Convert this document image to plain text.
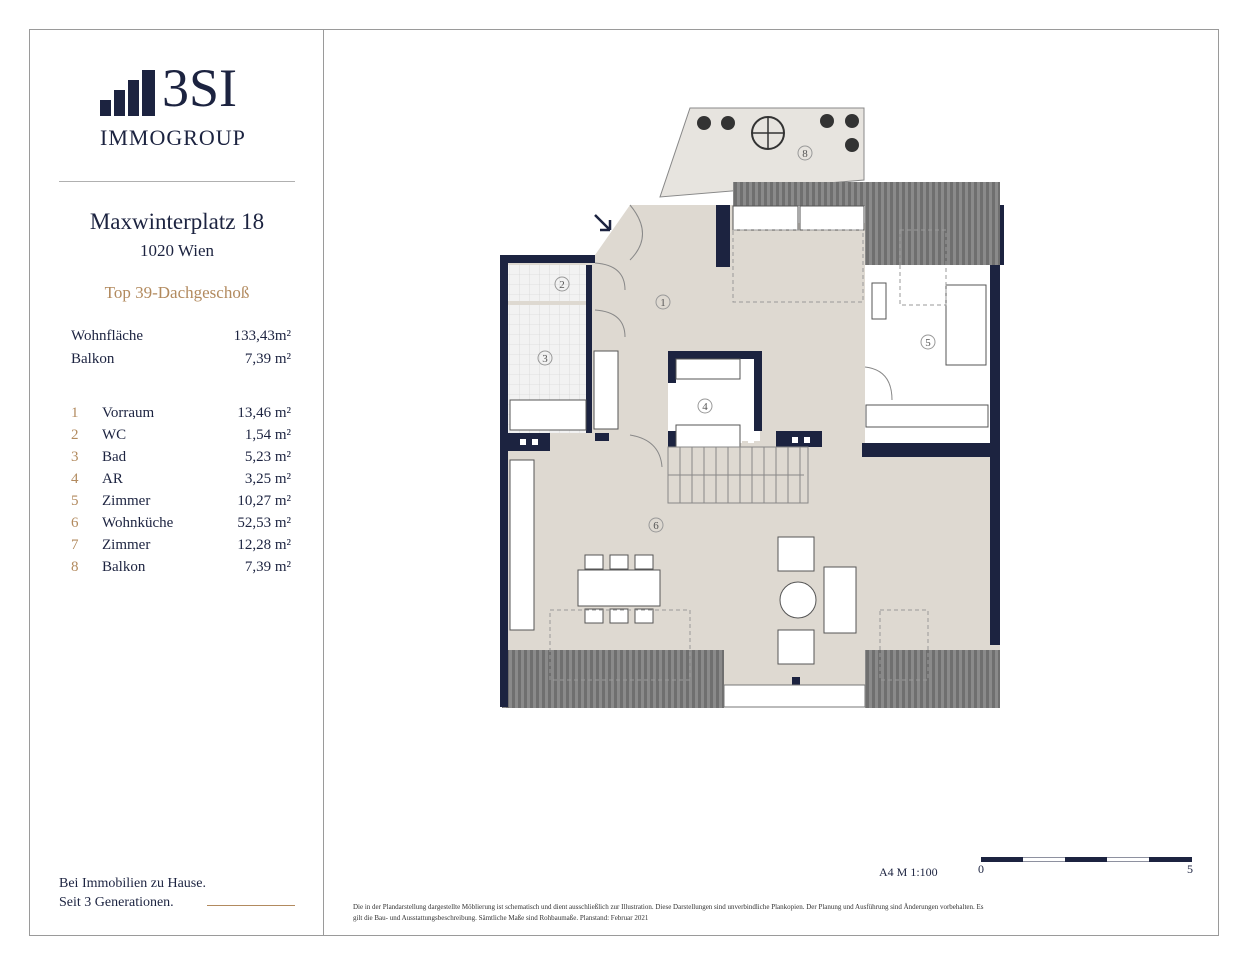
3SI
IMMOGROUP
Maxwinterplatz 18
1020 Wien
Top 39-Dachgeschoß
Wohnfläche	133,43m²
Balkon	7,39 m²
1 Vorraum	13,46 m²
2 WC	1,54 m²
3 Bad	5,23 m²
4 AR	3,25 m²
5 Zimmer	10,27 m²
6 Wohnküche	52,53 m²
7 Zimmer	12,28 m²
8 Balkon	7,39 m²
Bei Immobilien zu Hause.
Seit 3 Generationen.
1
2
3
4
5
6
8
A4 M 1:100	0	5
Die in der Plandarstellung dargestellte Möblierung ist schematisch und dient ausschließlich zur Illustration. Diese Darstellungen sind unverbindliche Plankopien. Der Planung und Ausführung sind Änderungen vorbehalten. Es gilt die Bau- und Ausstattungsbeschreibung. Sämtliche Maße sind Rohbaumaße. Planstand: Februar 2021
